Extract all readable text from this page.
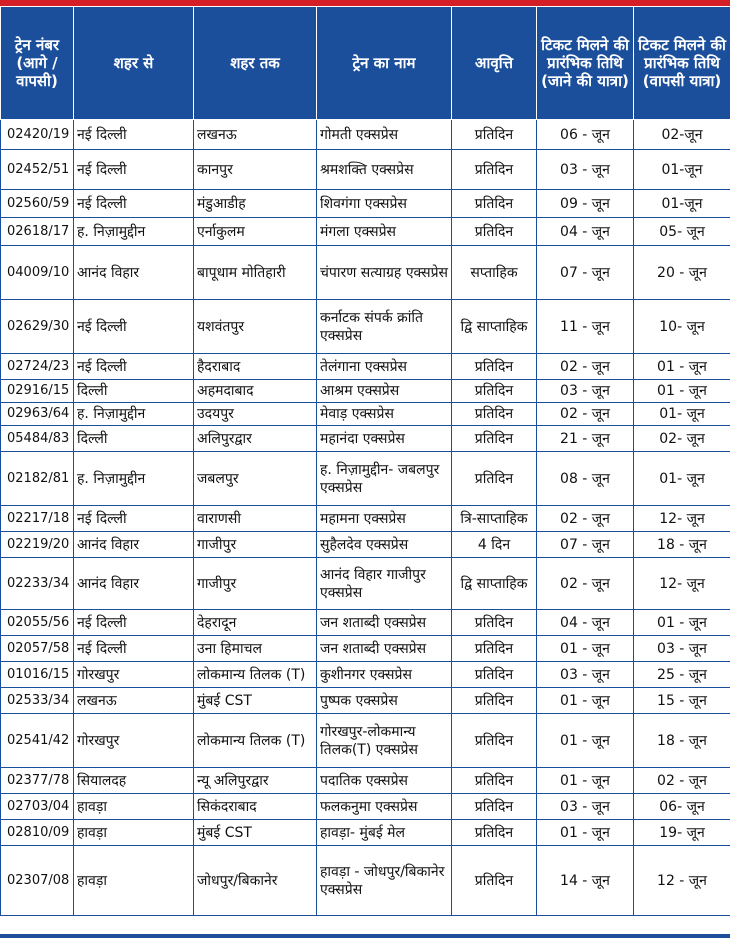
ट्रेन नंबर (आगे / वापसी)	शहर से	शहर तक	ट्रेन का नाम	आवृत्ति	टिकट मिलने की प्रारंभिक तिथि (जाने की यात्रा)	टिकट मिलने की प्रारंभिक तिथि (वापसी यात्रा)
02420/19	नई दिल्ली	लखनऊ	गोमती एक्सप्रेस	प्रतिदिन	06 - जून	02-जून
02452/51	नई दिल्ली	कानपुर	श्रमशक्ति एक्सप्रेस	प्रतिदिन	03 - जून	01-जून
02560/59	नई दिल्ली	मंडुआडीह	शिवगंगा एक्सप्रेस	प्रतिदिन	09 - जून	01-जून
02618/17	ह. निज़ामुद्दीन	एर्नाकुलम	मंगला एक्सप्रेस	प्रतिदिन	04 - जून	05- जून
04009/10	आनंद विहार	बापूधाम मोतिहारी	चंपारण सत्याग्रह एक्सप्रेस	सप्ताहिक	07 - जून	20 - जून
02629/30	नई दिल्ली	यशवंतपुर	कर्नाटक संपर्क क्रांति एक्सप्रेस	द्वि साप्ताहिक	11 - जून	10- जून
02724/23	नई दिल्ली	हैदराबाद	तेलंगाना एक्सप्रेस	प्रतिदिन	02 - जून	01 - जून
02916/15	दिल्ली	अहमदाबाद	आश्रम एक्सप्रेस	प्रतिदिन	03 - जून	01 - जून
02963/64	ह. निज़ामुद्दीन	उदयपुर	मेवाड़ एक्सप्रेस	प्रतिदिन	02 - जून	01- जून
05484/83	दिल्ली	अलिपुरद्वार	महानंदा एक्सप्रेस	प्रतिदिन	21 - जून	02- जून
02182/81	ह. निज़ामुद्दीन	जबलपुर	ह. निज़ामुद्दीन- जबलपुर एक्सप्रेस	प्रतिदिन	08 - जून	01- जून
02217/18	नई दिल्ली	वाराणसी	महामना एक्सप्रेस	त्रि-साप्ताहिक	02 - जून	12- जून
02219/20	आनंद विहार	गाजीपुर	सुहैलदेव एक्सप्रेस	4 दिन	07 - जून	18 - जून
02233/34	आनंद विहार	गाजीपुर	आनंद विहार गाजीपुर एक्सप्रेस	द्वि साप्ताहिक	02 - जून	12- जून
02055/56	नई दिल्ली	देहरादून	जन शताब्दी एक्सप्रेस	प्रतिदिन	04 - जून	01 - जून
02057/58	नई दिल्ली	उना हिमाचल	जन शताब्दी एक्सप्रेस	प्रतिदिन	01 - जून	03 - जून
01016/15	गोरखपुर	लोकमान्य तिलक (T)	कुशीनगर एक्सप्रेस	प्रतिदिन	03 - जून	25 - जून
02533/34	लखनऊ	मुंबई CST	पुष्पक एक्सप्रेस	प्रतिदिन	01 - जून	15 - जून
02541/42	गोरखपुर	लोकमान्य तिलक (T)	गोरखपुर-लोकमान्य तिलक(T) एक्सप्रेस	प्रतिदिन	01 - जून	18 - जून
02377/78	सियालदह	न्यू अलिपुरद्वार	पदातिक एक्सप्रेस	प्रतिदिन	01 - जून	02 - जून
02703/04	हावड़ा	सिकंदराबाद	फलकनुमा एक्सप्रेस	प्रतिदिन	03 - जून	06- जून
02810/09	हावड़ा	मुंबई CST	हावड़ा- मुंबई मेल	प्रतिदिन	01 - जून	19- जून
02307/08	हावड़ा	जोधपुर/बिकानेर	हावड़ा - जोधपुर/बिकानेर एक्सप्रेस	प्रतिदिन	14 - जून	12 - जून
